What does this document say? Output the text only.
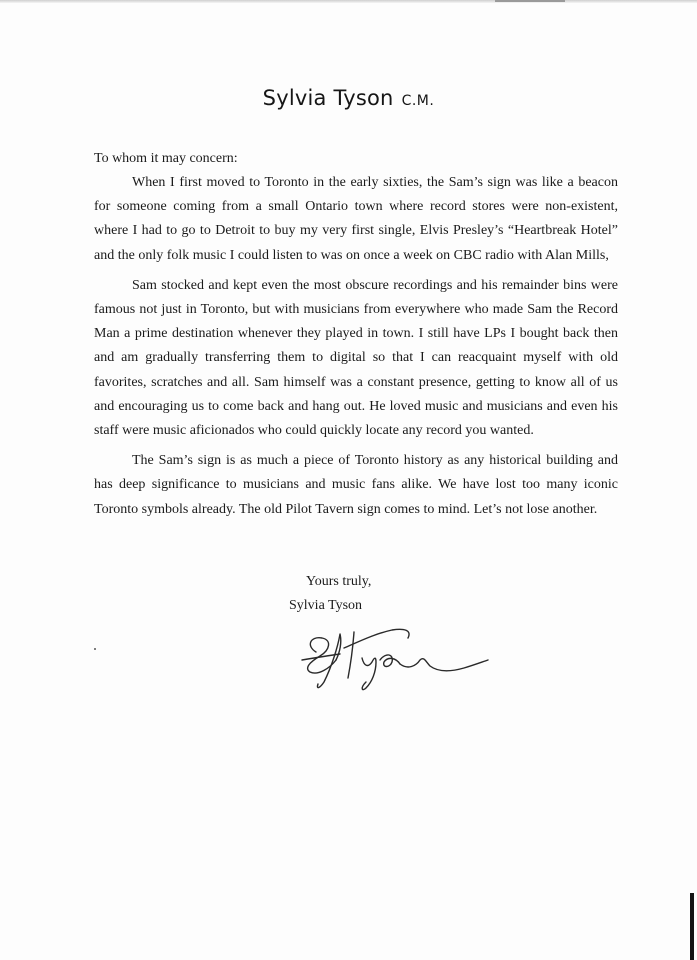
Sylvia Tyson C.M.

To whom it may concern:

When I first moved to Toronto in the early sixties, the Sam’s sign was like a beacon for someone coming from a small Ontario town where record stores were non-existent, where I had to go to Detroit to buy my very first single, Elvis Presley’s “Heartbreak Hotel” and the only folk music I could listen to was on once a week on CBC radio with Alan Mills,

Sam stocked and kept even the most obscure recordings and his remainder bins were famous not just in Toronto, but with musicians from everywhere who made Sam the Record Man a prime destination whenever they played in town. I still have LPs I bought back then and am gradually transferring them to digital so that I can reacquaint myself with old favorites, scratches and all. Sam himself was a constant presence, getting to know all of us and encouraging us to come back and hang out. He loved music and musicians and even his staff were music aficionados who could quickly locate any record you wanted.

The Sam’s sign is as much a piece of Toronto history as any historical building and has deep significance to musicians and music fans alike. We have lost too many iconic Toronto symbols already. The old Pilot Tavern sign comes to mind. Let’s not lose another.

Yours truly,

Sylvia Tyson
